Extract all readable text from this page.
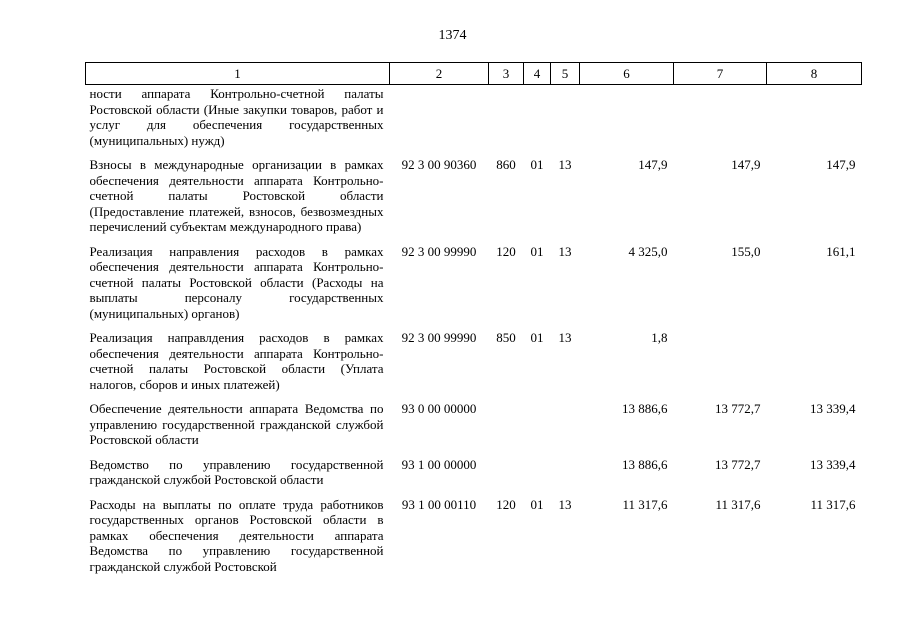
1374
1	2	3	4	5	6	7	8
ности аппарата Контрольно-счетной палаты Ростовской области (Иные закупки товаров, работ и услуг для обеспечения государственных (муниципальных) нужд)							
Взносы в международные организации в рамках обеспечения деятельности аппарата Контрольно-счетной палаты Ростовской области (Предоставление платежей, взносов, безвозмездных перечислений субъектам международного права)	92 3 00 90360	860	01	13	147,9	147,9	147,9
Реализация направления расходов в рамках обеспечения деятельности аппарата Контрольно-счетной палаты Ростовской области (Расходы на выплаты персоналу государственных (муниципальных) органов)	92 3 00 99990	120	01	13	4 325,0	155,0	161,1
Реализация направлдения расходов в рамках обеспечения деятельности аппарата Контрольно-счетной палаты Ростовской области (Уплата налогов, сборов и иных платежей)	92 3 00 99990	850	01	13	1,8		
Обеспечение деятельности аппарата Ведомства по управлению государственной гражданской службой Ростовской области	93 0 00 00000				13 886,6	13 772,7	13 339,4
Ведомство по управлению государственной гражданской службой Ростовской области	93 1 00 00000				13 886,6	13 772,7	13 339,4
Расходы на выплаты по оплате труда работников государственных органов Ростовской области в рамках обеспечения деятельности аппарата Ведомства по управлению государственной гражданской службой Ростовской	93 1 00 00110	120	01	13	11 317,6	11 317,6	11 317,6
